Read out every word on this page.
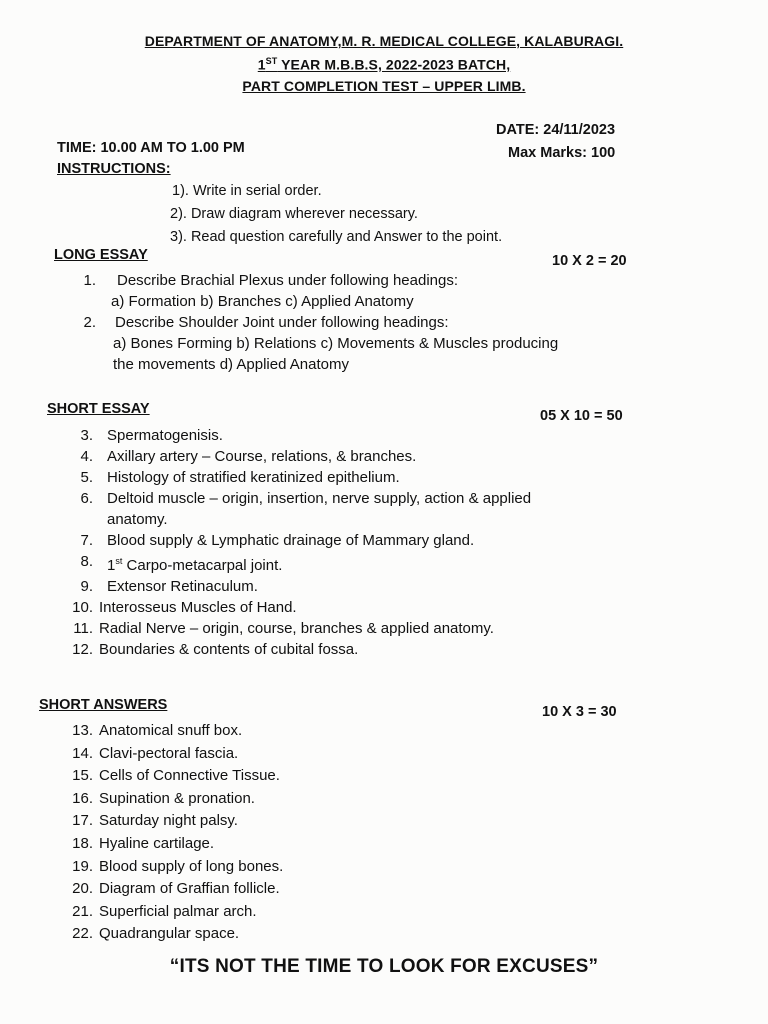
DEPARTMENT OF ANATOMY,M. R. MEDICAL COLLEGE, KALABURAGI.
1ST YEAR M.B.B.S, 2022-2023 BATCH,
PART COMPLETION TEST – UPPER LIMB.
DATE: 24/11/2023
TIME: 10.00 AM TO 1.00 PM	Max Marks: 100
INSTRUCTIONS:
1). Write in serial order.
2). Draw diagram wherever necessary.
3). Read question carefully and Answer to the point.
LONG ESSAY	10 X 2 = 20
1. Describe Brachial Plexus under following headings:
a) Formation b) Branches c) Applied Anatomy
2. Describe Shoulder Joint under following headings:
a) Bones Forming b) Relations c) Movements & Muscles producing
the movements d) Applied Anatomy
SHORT ESSAY	05 X 10 = 50
3. Spermatogenisis.
4. Axillary artery – Course, relations, & branches.
5. Histology of stratified keratinized epithelium.
6. Deltoid muscle – origin, insertion, nerve supply, action & applied
anatomy.
7. Blood supply & Lymphatic drainage of Mammary gland.
8. 1st Carpo-metacarpal joint.
9. Extensor Retinaculum.
10. Interosseus Muscles of Hand.
11. Radial Nerve – origin, course, branches & applied anatomy.
12. Boundaries & contents of cubital fossa.
SHORT ANSWERS	10 X 3 = 30
13. Anatomical snuff box.
14. Clavi-pectoral fascia.
15. Cells of Connective Tissue.
16. Supination & pronation.
17. Saturday night palsy.
18. Hyaline cartilage.
19. Blood supply of long bones.
20. Diagram of Graffian follicle.
21. Superficial palmar arch.
22. Quadrangular space.
“ITS NOT THE TIME TO LOOK FOR EXCUSES”
